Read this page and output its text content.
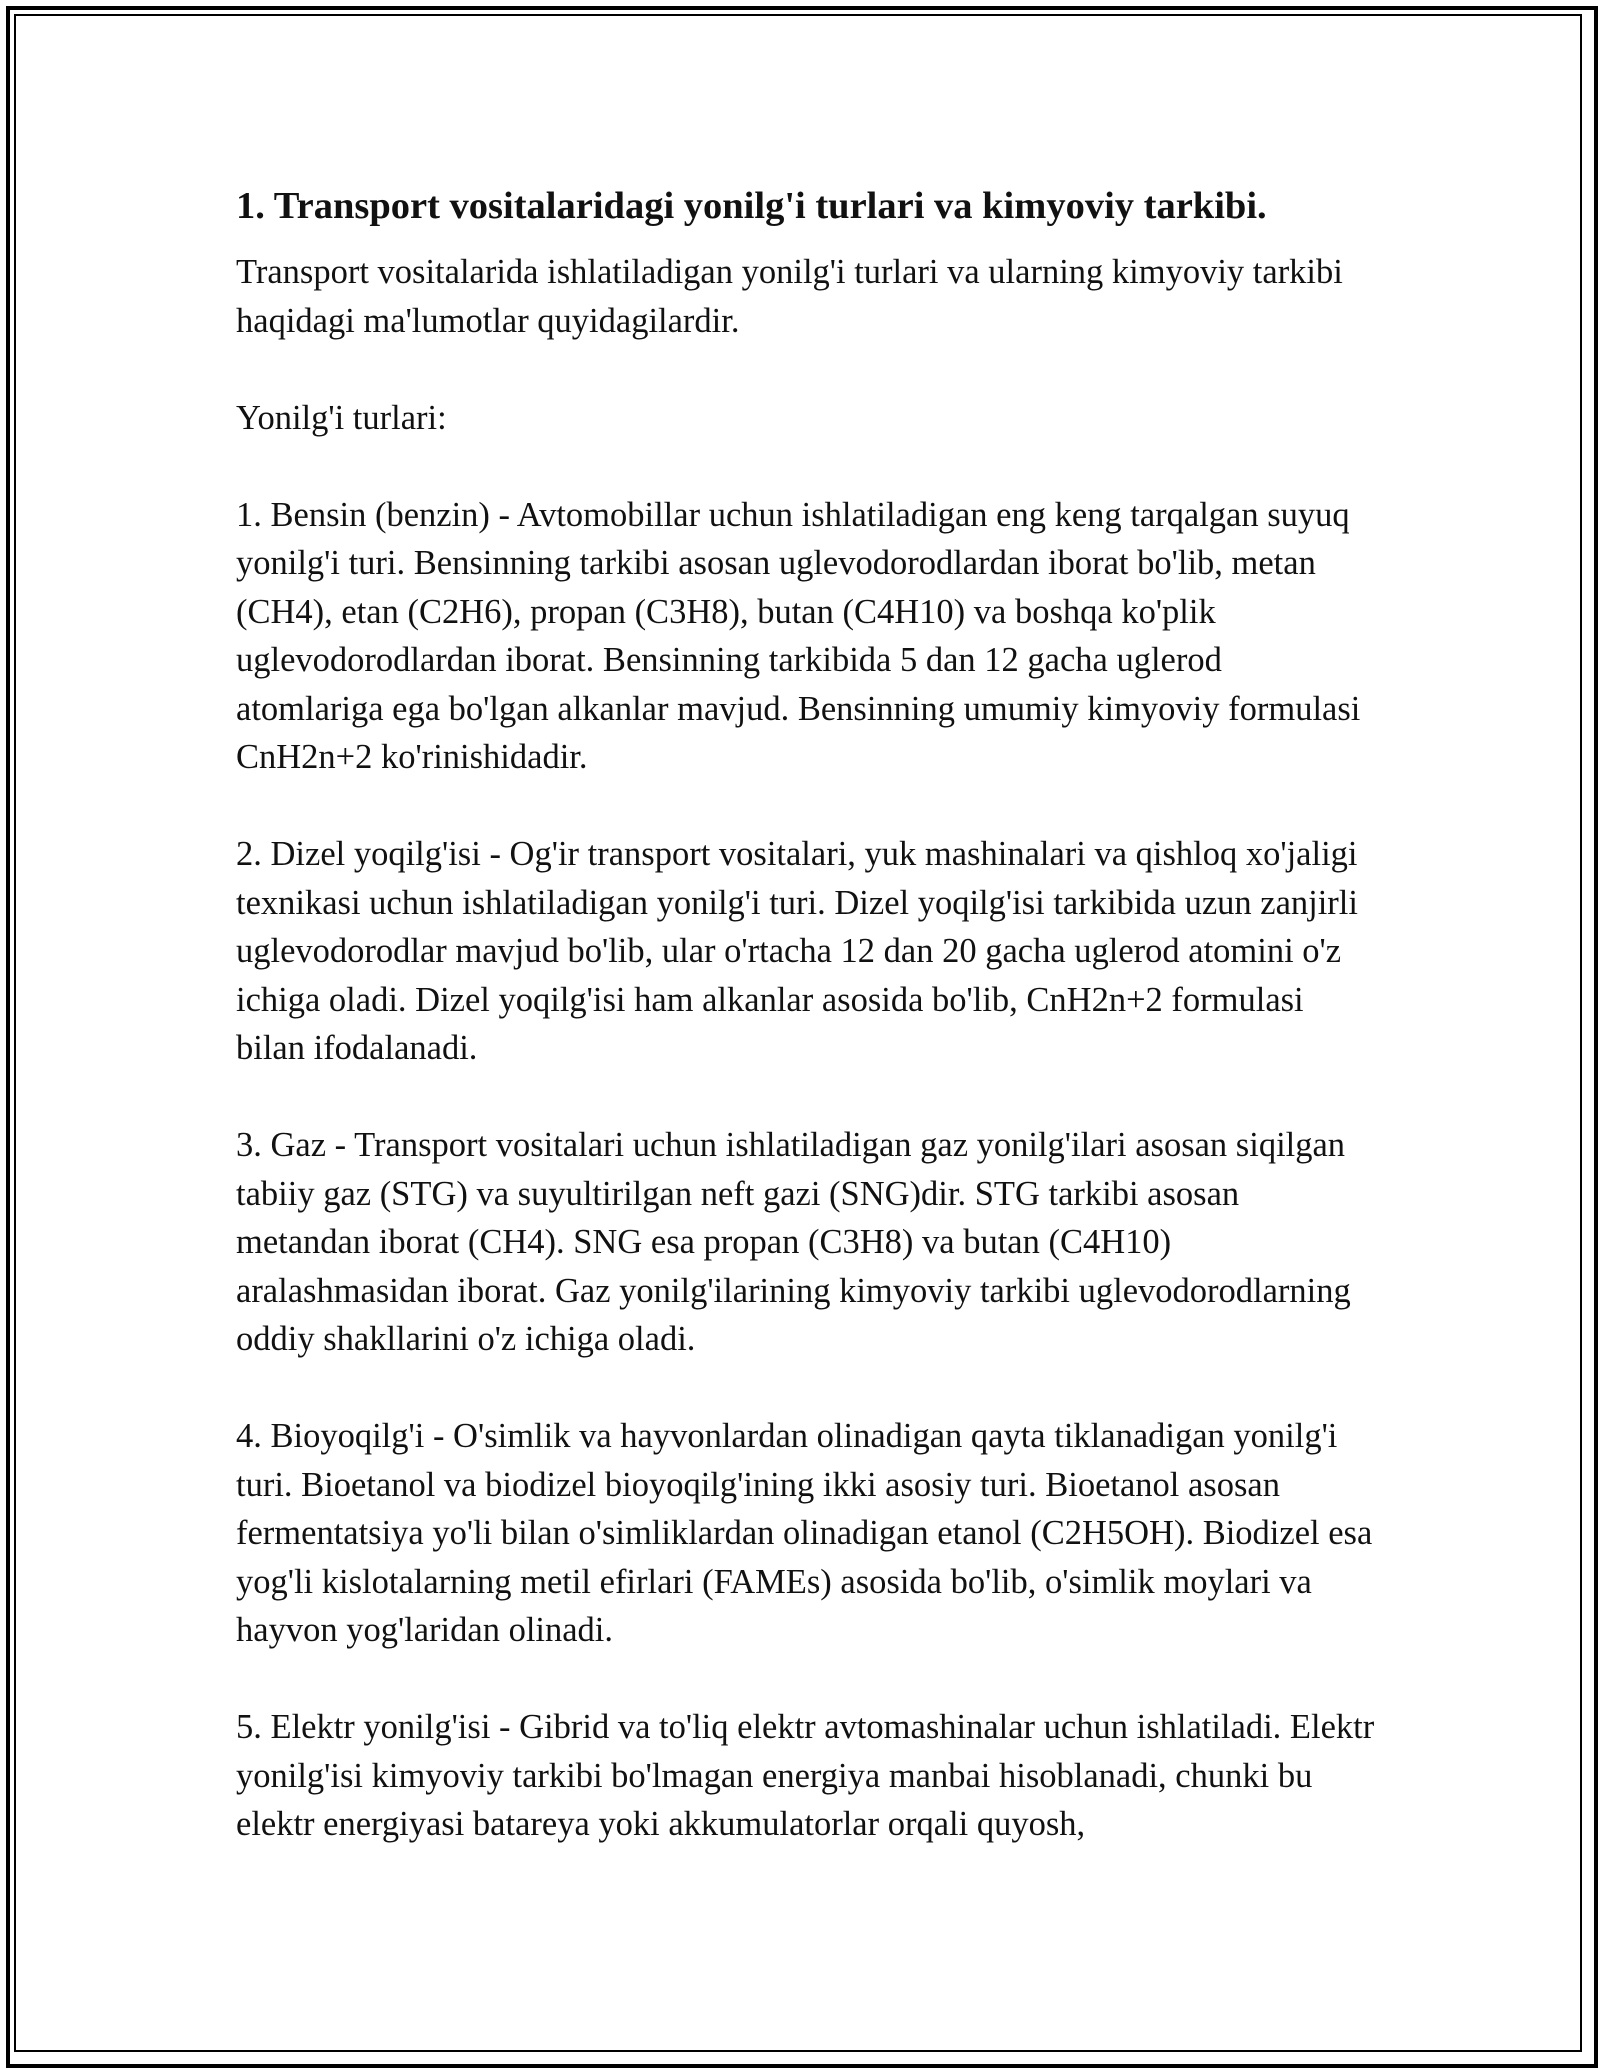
1. Transport vositalaridagi yonilg'i turlari va kimyoviy tarkibi.

Transport vositalarida ishlatiladigan yonilg'i turlari va ularning kimyoviy tarkibi haqidagi ma'lumotlar quyidagilardir.

Yonilg'i turlari:

1. Bensin (benzin) - Avtomobillar uchun ishlatiladigan eng keng tarqalgan suyuq yonilg'i turi. Bensinning tarkibi asosan uglevodorodlardan iborat bo'lib, metan (CH4), etan (C2H6), propan (C3H8), butan (C4H10) va boshqa ko'plik uglevodorodlardan iborat. Bensinning tarkibida 5 dan 12 gacha uglerod atomlariga ega bo'lgan alkanlar mavjud. Bensinning umumiy kimyoviy formulasi CnH2n+2 ko'rinishidadir.

2. Dizel yoqilg'isi - Og'ir transport vositalari, yuk mashinalari va qishloq xo'jaligi texnikasi uchun ishlatiladigan yonilg'i turi. Dizel yoqilg'isi tarkibida uzun zanjirli uglevodorodlar mavjud bo'lib, ular o'rtacha 12 dan 20 gacha uglerod atomini o'z ichiga oladi. Dizel yoqilg'isi ham alkanlar asosida bo'lib, CnH2n+2 formulasi bilan ifodalanadi.

3. Gaz - Transport vositalari uchun ishlatiladigan gaz yonilg'ilari asosan siqilgan tabiiy gaz (STG) va suyultirilgan neft gazi (SNG)dir. STG tarkibi asosan metandan iborat (CH4). SNG esa propan (C3H8) va butan (C4H10) aralashmasidan iborat. Gaz yonilg'ilarining kimyoviy tarkibi uglevodorodlarning oddiy shakllarini o'z ichiga oladi.

4. Bioyoqilg'i - O'simlik va hayvonlardan olinadigan qayta tiklanadigan yonilg'i turi. Bioetanol va biodizel bioyoqilg'ining ikki asosiy turi. Bioetanol asosan fermentatsiya yo'li bilan o'simliklardan olinadigan etanol (C2H5OH). Biodizel esa yog'li kislotalarning metil efirlari (FAMEs) asosida bo'lib, o'simlik moylari va hayvon yog'laridan olinadi.

5. Elektr yonilg'isi - Gibrid va to'liq elektr avtomashinalar uchun ishlatiladi. Elektr yonilg'isi kimyoviy tarkibi bo'lmagan energiya manbai hisoblanadi, chunki bu elektr energiyasi batareya yoki akkumulatorlar orqali quyosh,
